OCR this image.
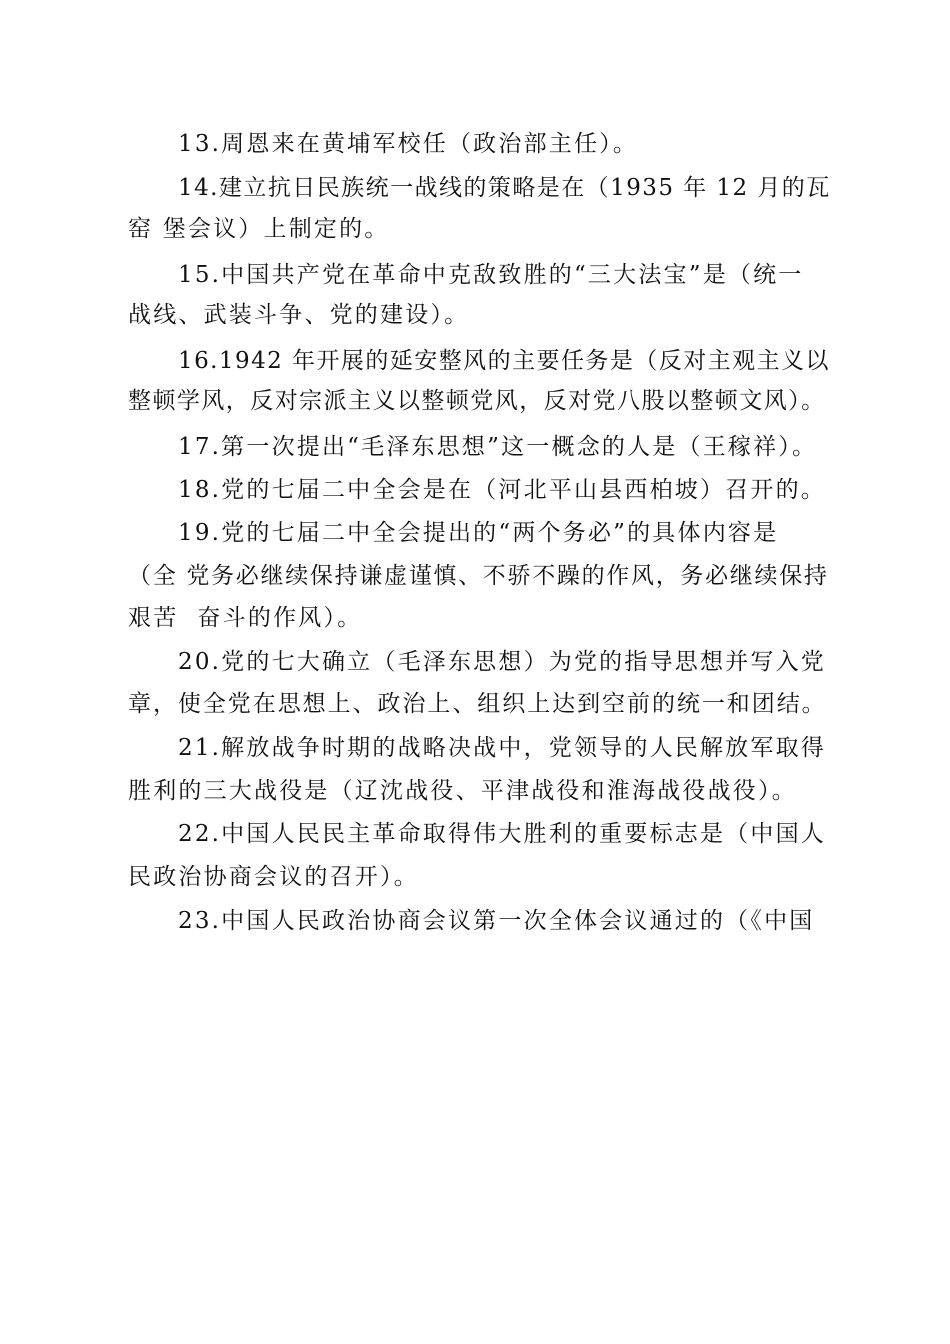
13.周恩来在黄埔军校任（政治部主任）。
14.建立抗日民族统一战线的策略是在（1935 年 12 月的瓦
窑 堡会议）上制定的。
15.中国共产党在革命中克敌致胜的“三大法宝”是（统一
战线、武装斗争、党的建设）。
16.1942 年开展的延安整风的主要任务是（反对主观主义以
整顿学风，反对宗派主义以整顿党风，反对党八股以整顿文风）。
17.第一次提出“毛泽东思想”这一概念的人是（王稼祥）。
18.党的七届二中全会是在（河北平山县西柏坡）召开的。
19.党的七届二中全会提出的“两个务必”的具体内容是
（全 党务必继续保持谦虚谨慎、不骄不躁的作风，务必继续保持
艰苦  奋斗的作风）。
20.党的七大确立（毛泽东思想）为党的指导思想并写入党
章，使全党在思想上、政治上、组织上达到空前的统一和团结。
21.解放战争时期的战略决战中，党领导的人民解放军取得
胜利的三大战役是（辽沈战役、平津战役和淮海战役战役）。
22.中国人民民主革命取得伟大胜利的重要标志是（中国人
民政治协商会议的召开）。
23.中国人民政治协商会议第一次全体会议通过的（《中国
